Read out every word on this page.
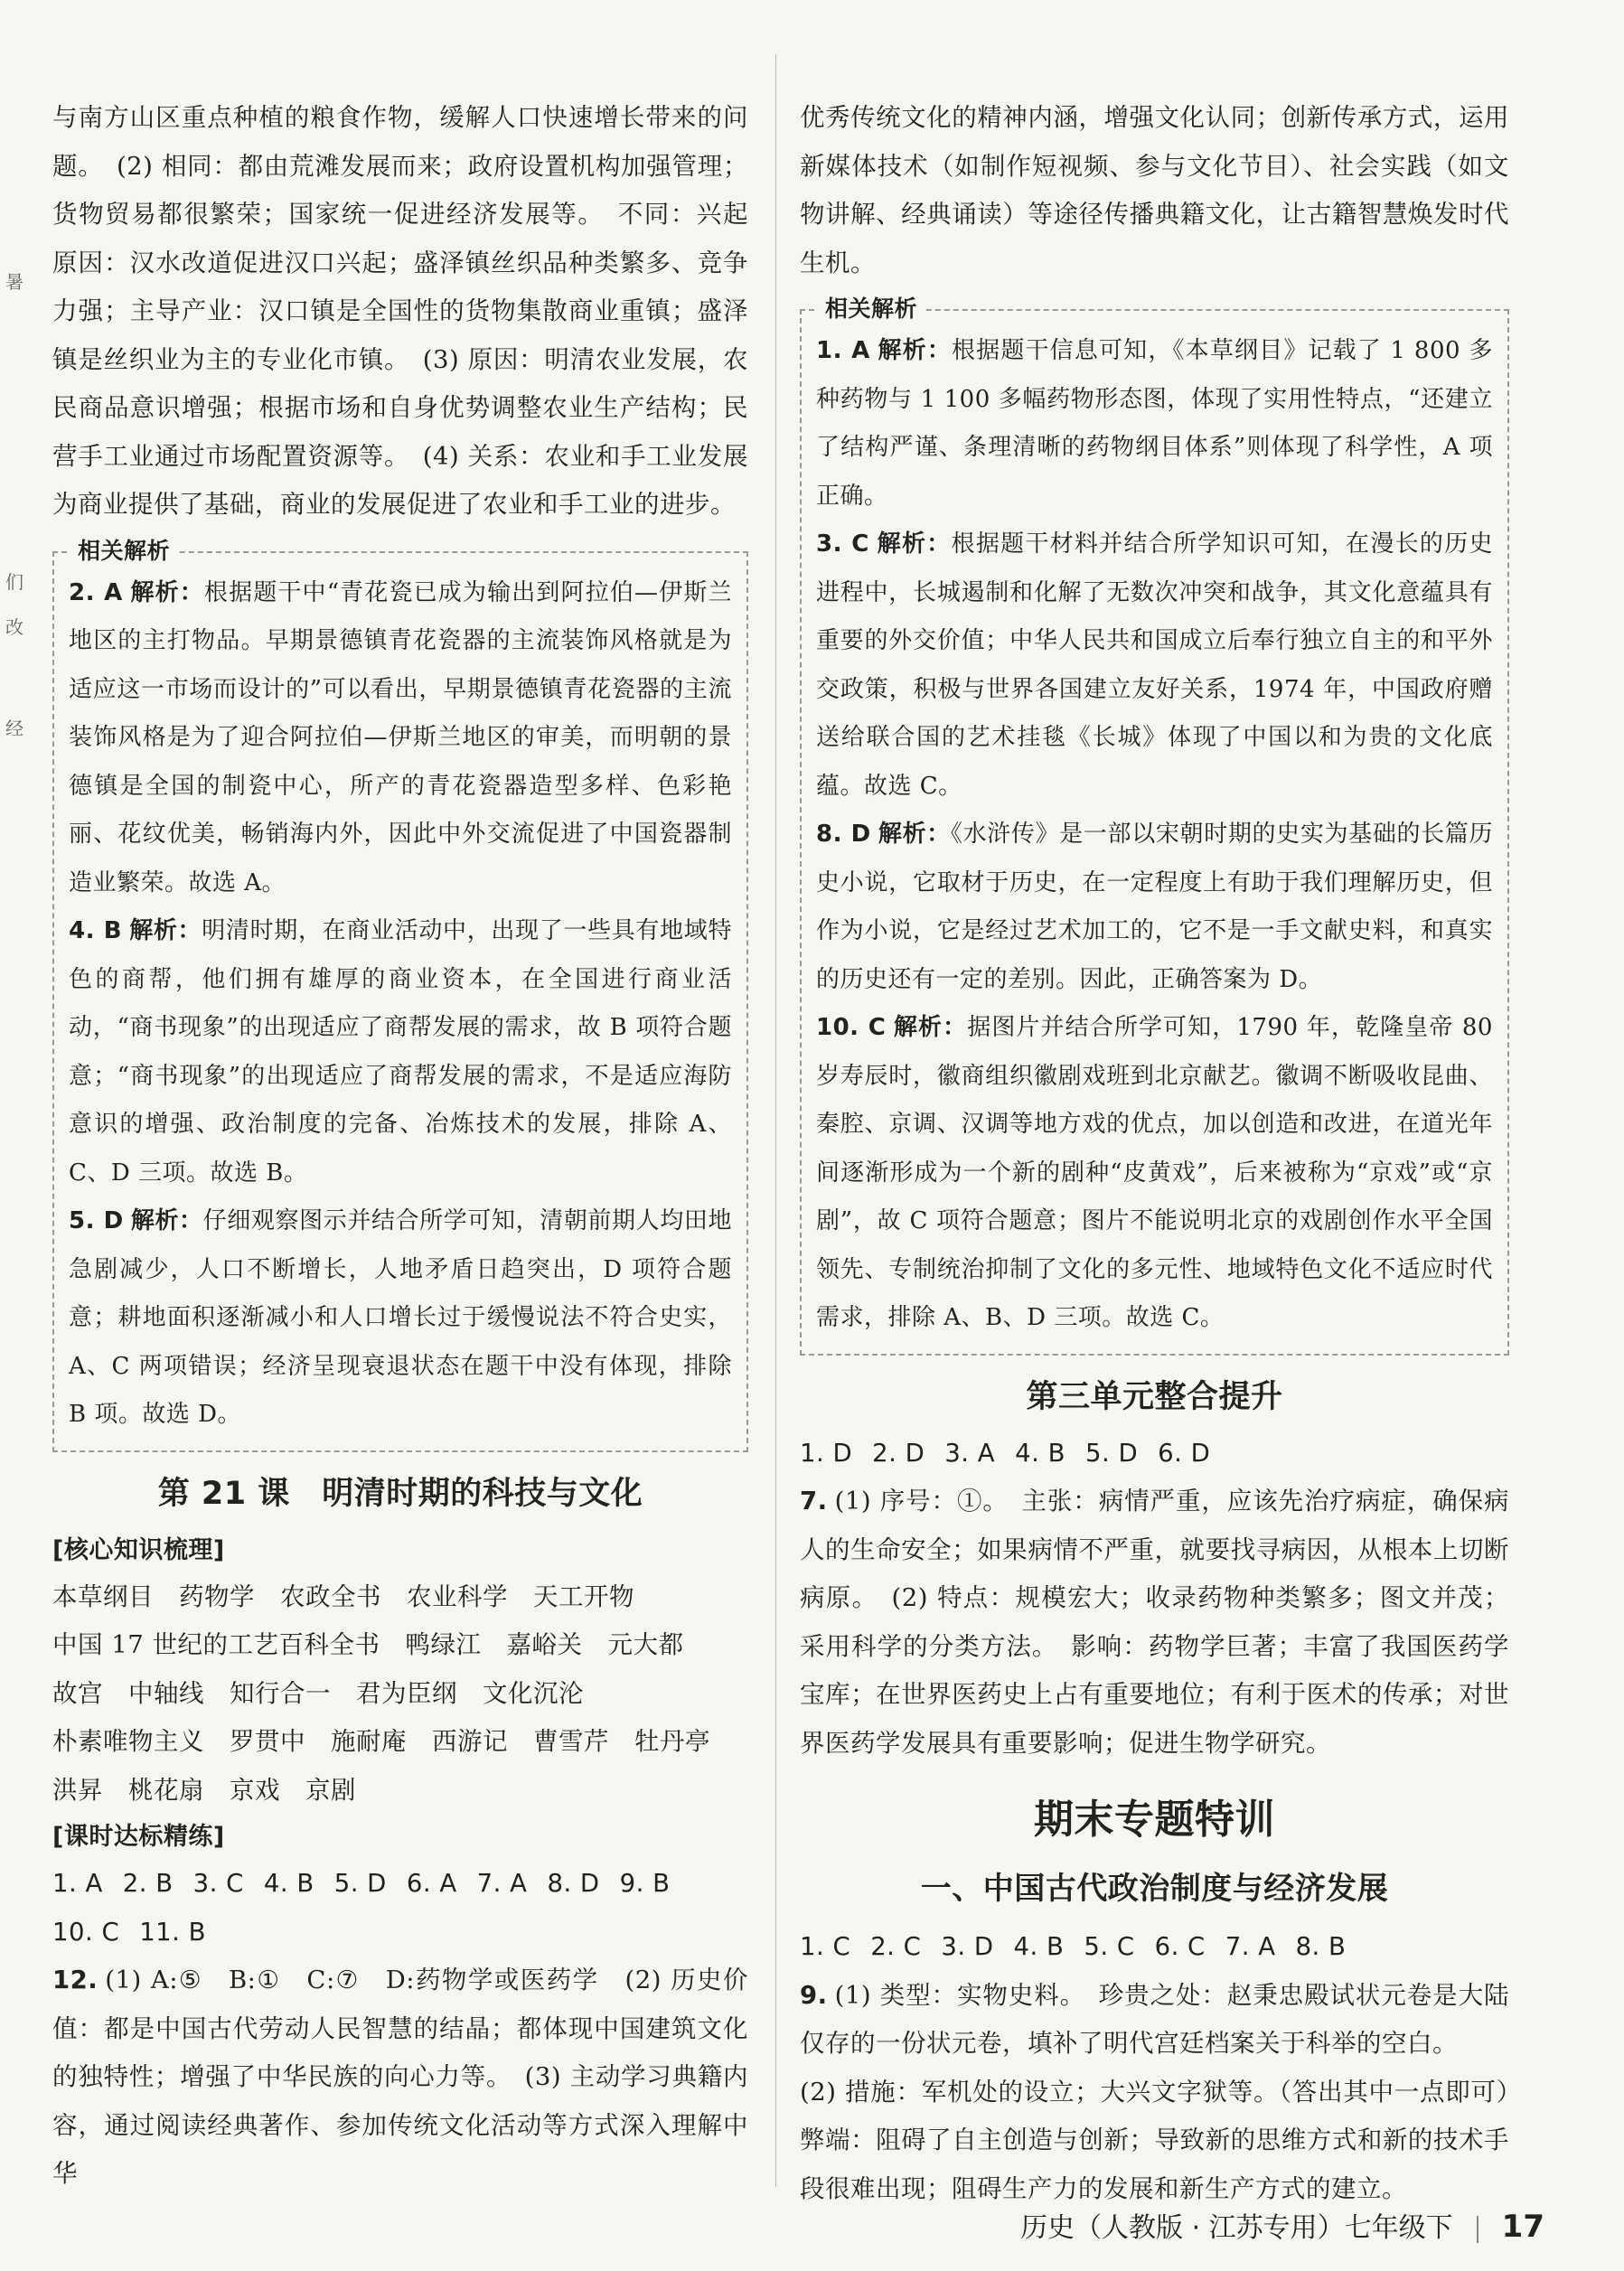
暑
们
改
经

与南方山区重点种植的粮食作物，缓解人口快速增长带来的问题。　(2) 相同：都由荒滩发展而来；政府设置机构加强管理；货物贸易都很繁荣；国家统一促进经济发展等。　不同：兴起原因：汉水改道促进汉口兴起；盛泽镇丝织品种类繁多、竞争力强；主导产业：汉口镇是全国性的货物集散商业重镇；盛泽镇是丝织业为主的专业化市镇。　(3) 原因：明清农业发展，农民商品意识增强；根据市场和自身优势调整农业生产结构；民营手工业通过市场配置资源等。　(4) 关系：农业和手工业发展为商业提供了基础，商业的发展促进了农业和手工业的进步。

相关解析

2. A 解析：根据题干中“青花瓷已成为输出到阿拉伯—伊斯兰地区的主打物品。早期景德镇青花瓷器的主流装饰风格就是为适应这一市场而设计的”可以看出，早期景德镇青花瓷器的主流装饰风格是为了迎合阿拉伯—伊斯兰地区的审美，而明朝的景德镇是全国的制瓷中心，所产的青花瓷器造型多样、色彩艳丽、花纹优美，畅销海内外，因此中外交流促进了中国瓷器制造业繁荣。故选 A。

4. B 解析：明清时期，在商业活动中，出现了一些具有地域特色的商帮，他们拥有雄厚的商业资本，在全国进行商业活动，“商书现象”的出现适应了商帮发展的需求，故 B 项符合题意；“商书现象”的出现适应了商帮发展的需求，不是适应海防意识的增强、政治制度的完备、冶炼技术的发展，排除 A、C、D 三项。故选 B。

5. D 解析：仔细观察图示并结合所学可知，清朝前期人均田地急剧减少，人口不断增长，人地矛盾日趋突出，D 项符合题意；耕地面积逐渐减小和人口增长过于缓慢说法不符合史实，A、C 两项错误；经济呈现衰退状态在题干中没有体现，排除 B 项。故选 D。

第 21 课　明清时期的科技与文化
[核心知识梳理]

本草纲目 药物学 农政全书 农业科学 天工开物中国 17 世纪的工艺百科全书 鸭绿江 嘉峪关 元大都故宫 中轴线 知行合一 君为臣纲 文化沉沦朴素唯物主义 罗贯中 施耐庵 西游记 曹雪芹 牡丹亭洪昇 桃花扇 京戏 京剧

[课时达标精练]

1. A 2. B 3. C 4. B 5. D 6. A 7. A 8. D 9. B

10. C 11. B

12. (1) A:⑤　B:①　C:⑦　D:药物学或医药学　(2) 历史价值：都是中国古代劳动人民智慧的结晶；都体现中国建筑文化的独特性；增强了中华民族的向心力等。　(3) 主动学习典籍内容，通过阅读经典著作、参加传统文化活动等方式深入理解中华

优秀传统文化的精神内涵，增强文化认同；创新传承方式，运用新媒体技术（如制作短视频、参与文化节目）、社会实践（如文物讲解、经典诵读）等途径传播典籍文化，让古籍智慧焕发时代生机。

相关解析

1. A 解析：根据题干信息可知，《本草纲目》记载了 1 800 多种药物与 1 100 多幅药物形态图，体现了实用性特点，“还建立了结构严谨、条理清晰的药物纲目体系”则体现了科学性，A 项正确。

3. C 解析：根据题干材料并结合所学知识可知，在漫长的历史进程中，长城遏制和化解了无数次冲突和战争，其文化意蕴具有重要的外交价值；中华人民共和国成立后奉行独立自主的和平外交政策，积极与世界各国建立友好关系，1974 年，中国政府赠送给联合国的艺术挂毯《长城》体现了中国以和为贵的文化底蕴。故选 C。

8. D 解析：《水浒传》是一部以宋朝时期的史实为基础的长篇历史小说，它取材于历史，在一定程度上有助于我们理解历史，但作为小说，它是经过艺术加工的，它不是一手文献史料，和真实的历史还有一定的差别。因此，正确答案为 D。

10. C 解析：据图片并结合所学可知，1790 年，乾隆皇帝 80 岁寿辰时，徽商组织徽剧戏班到北京献艺。徽调不断吸收昆曲、秦腔、京调、汉调等地方戏的优点，加以创造和改进，在道光年间逐渐形成为一个新的剧种“皮黄戏”，后来被称为“京戏”或“京剧”，故 C 项符合题意；图片不能说明北京的戏剧创作水平全国领先、专制统治抑制了文化的多元性、地域特色文化不适应时代需求，排除 A、B、D 三项。故选 C。

第三单元整合提升

1. D 2. D 3. A 4. B 5. D 6. D

7. (1) 序号：①。　主张：病情严重，应该先治疗病症，确保病人的生命安全；如果病情不严重，就要找寻病因，从根本上切断病原。　(2) 特点：规模宏大；收录药物种类繁多；图文并茂；采用科学的分类方法。　影响：药物学巨著；丰富了我国医药学宝库；在世界医药史上占有重要地位；有利于医术的传承；对世界医药学发展具有重要影响；促进生物学研究。

期末专题特训
一、中国古代政治制度与经济发展

1. C 2. C 3. D 4. B 5. C 6. C 7. A 8. B

9. (1) 类型：实物史料。　珍贵之处：赵秉忠殿试状元卷是大陆仅存的一份状元卷，填补了明代宫廷档案关于科举的空白。

(2) 措施：军机处的设立；大兴文字狱等。（答出其中一点即可）弊端：阻碍了自主创造与创新；导致新的思维方式和新的技术手段很难出现；阻碍生产力的发展和新生产方式的建立。

历史（人教版 · 江苏专用）七年级下 17
